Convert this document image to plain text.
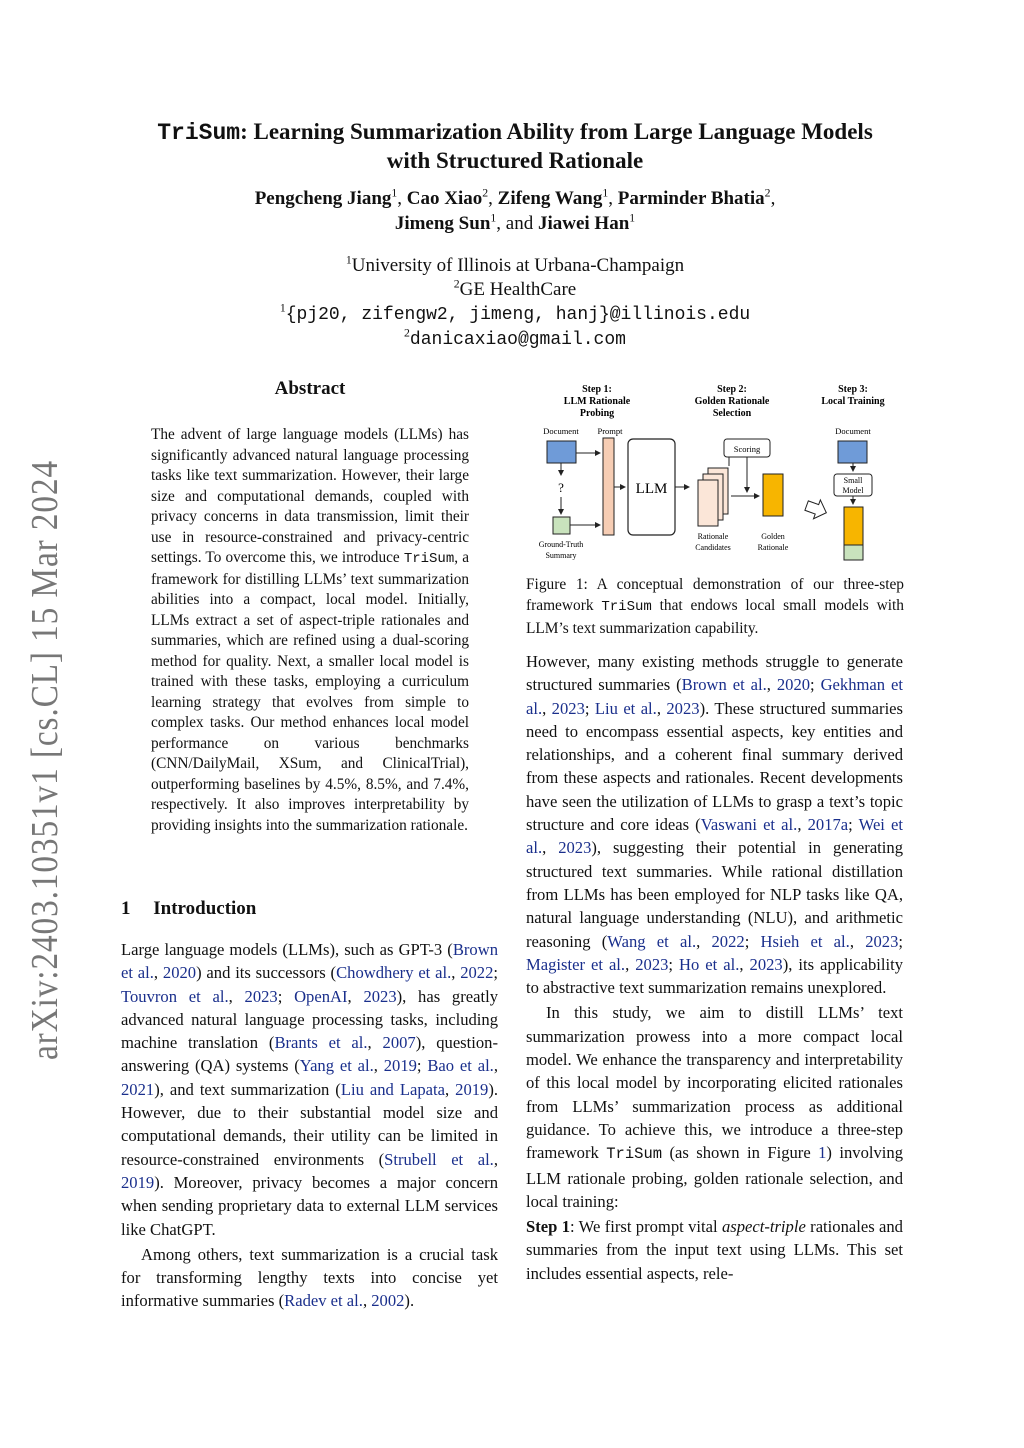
arXiv:2403.10351v1 [cs.CL] 15 Mar 2024
TriSum: Learning Summarization Ability from Large Language Models
with Structured Rationale
Pengcheng Jiang$^1$, Cao Xiao$^2$, Zifeng Wang$^1$, Parminder Bhatia$^2$,
Jimeng Sun$^1$, and Jiawei Han$^1$
$^1$University of Illinois at Urbana-Champaign
$^2$GE HealthCare
$^1${pj20, zifengw2, jimeng, hanj}@illinois.edu
$^2$danicaxiao@gmail.com
Abstract
The advent of large language models (LLMs) has significantly advanced natural language processing tasks like text summarization. However, their large size and computational demands, coupled with privacy concerns in data transmission, limit their use in resource-constrained and privacy-centric settings. To overcome this, we introduce TriSum, a framework for distilling LLMs’ text summarization abilities into a compact, local model. Initially, LLMs extract a set of aspect-triple rationales and summaries, which are refined using a dual-scoring method for quality. Next, a smaller local model is trained with these tasks, employing a curriculum learning strategy that evolves from simple to complex tasks. Our method enhances local model performance on various benchmarks (CNN/DailyMail, XSum, and ClinicalTrial), outperforming baselines by 4.5%, 8.5%, and 7.4%, respectively. It also improves interpretability by providing insights into the summarization rationale.
1 Introduction

Large language models (LLMs), such as GPT-3 (Brown et al., 2020) and its successors (Chowdhery et al., 2022; Touvron et al., 2023; OpenAI, 2023), has greatly advanced natural language processing tasks, including machine translation (Brants et al., 2007), question-answering (QA) systems (Yang et al., 2019; Bao et al., 2021), and text summarization (Liu and Lapata, 2019). However, due to their substantial model size and computational demands, their utility can be limited in resource-constrained environments (Strubell et al., 2019). Moreover, privacy becomes a major concern when sending proprietary data to external LLM services like ChatGPT.

Among others, text summarization is a crucial task for transforming lengthy texts into concise yet informative summaries (Radev et al., 2002).

Step 1:
LLM Rationale
Probing
Step 2:
Golden Rationale
Selection
Step 3:
Local Training
Document Prompt
?
Ground-Truth
Summary
LLM
Scoring
Rationale
Candidates
Golden
Rationale
Document
Small
Model
Figure 1: A conceptual demonstration of our three-step framework TriSum that endows local small models with LLM’s text summarization capability.

However, many existing methods struggle to generate structured summaries (Brown et al., 2020; Gekhman et al., 2023; Liu et al., 2023). These structured summaries need to encompass essential aspects, key entities and relationships, and a coherent final summary derived from these aspects and rationales. Recent developments have seen the utilization of LLMs to grasp a text’s topic structure and core ideas (Vaswani et al., 2017a; Wei et al., 2023), suggesting their potential in generating structured text summaries. While rational distillation from LLMs has been employed for NLP tasks like QA, natural language understanding (NLU), and arithmetic reasoning (Wang et al., 2022; Hsieh et al., 2023; Magister et al., 2023; Ho et al., 2023), its applicability to abstractive text summarization remains unexplored.

In this study, we aim to distill LLMs’ text summarization prowess into a more compact local model. We enhance the transparency and interpretability of this local model by incorporating elicited rationales from LLMs’ summarization process as additional guidance. To achieve this, we introduce a three-step framework TriSum (as shown in Figure 1) involving LLM rationale probing, golden rationale selection, and local training:

Step 1: We first prompt vital aspect-triple rationales and summaries from the input text using LLMs. This set includes essential aspects, rele-
